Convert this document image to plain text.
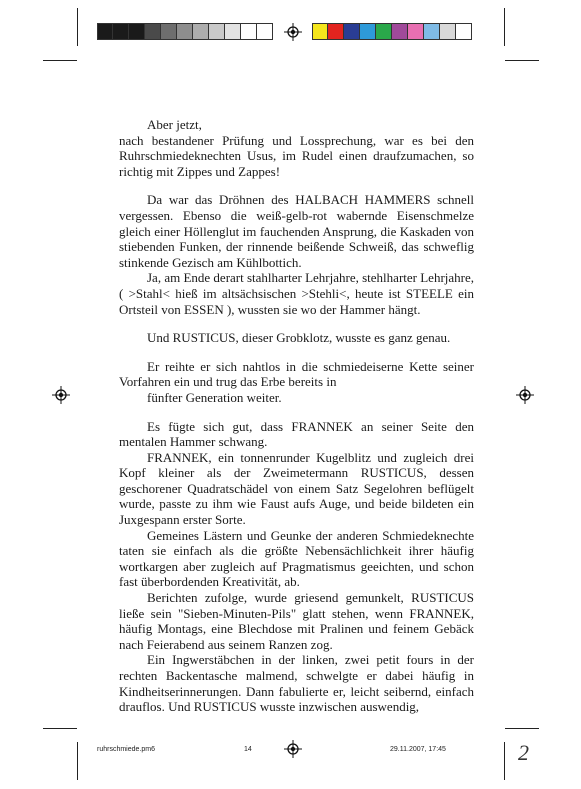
Aber jetzt,

nach bestandener Prüfung und Lossprechung, war es bei den Ruhrschmiedeknechten Usus, im Rudel einen draufzumachen, so richtig mit Zippes und Zappes!

Da war das Dröhnen des HALBACH HAMMERS schnell vergessen. Ebenso die weiß-gelb-rot wabernde Eisenschmelze gleich einer Höllenglut im fauchenden Ansprung, die Kaskaden von stiebenden Funken, der rinnende beißende Schweiß, das schweflig stinkende Gezisch am Kühlbottich.

Ja, am Ende derart stahlharter Lehrjahre, stehlharter Lehrjahre, ( >Stahl< hieß im altsächsischen >Stehli<, heute ist STEELE ein Ortsteil von ESSEN ), wussten sie wo der Hammer hängt.

Und RUSTICUS, dieser Grobklotz, wusste es ganz genau.

Er reihte er sich nahtlos in die schmiedeiserne Kette seiner Vorfahren ein und trug das Erbe bereits in

fünfter Generation weiter.

Es fügte sich gut, dass FRANNEK an seiner Seite den mentalen Hammer schwang.

FRANNEK, ein tonnenrunder Kugelblitz und zugleich drei Kopf kleiner als der Zweimetermann RUSTICUS, dessen geschorener Quadratschädel von einem Satz Segelohren beflügelt wurde, passte zu ihm wie Faust aufs Auge, und beide bildeten ein Juxgespann erster Sorte.

Gemeines Lästern und Geunke der anderen Schmiedeknechte taten sie einfach als die größte Nebensächlichkeit ihrer häufig wortkargen aber zugleich auf Pragmatismus geeichten, und schon fast überbordenden Kreativität, ab.

Berichten zufolge, wurde griesend gemunkelt, RUSTICUS ließe sein "Sieben-Minuten-Pils" glatt stehen, wenn FRANNEK, häufig Montags, eine Blechdose mit Pralinen und feinem Gebäck nach Feierabend aus seinem Ranzen zog.

Ein Ingwerstäbchen in der linken, zwei petit fours in der rechten Backentasche malmend, schwelgte er dabei häufig in Kindheitserinnerungen. Dann fabulierte er, leicht seibernd, einfach drauflos. Und RUSTICUS wusste inzwischen auswendig,

ruhrschmiede.pm6	14	29.11.2007, 17:45	2
